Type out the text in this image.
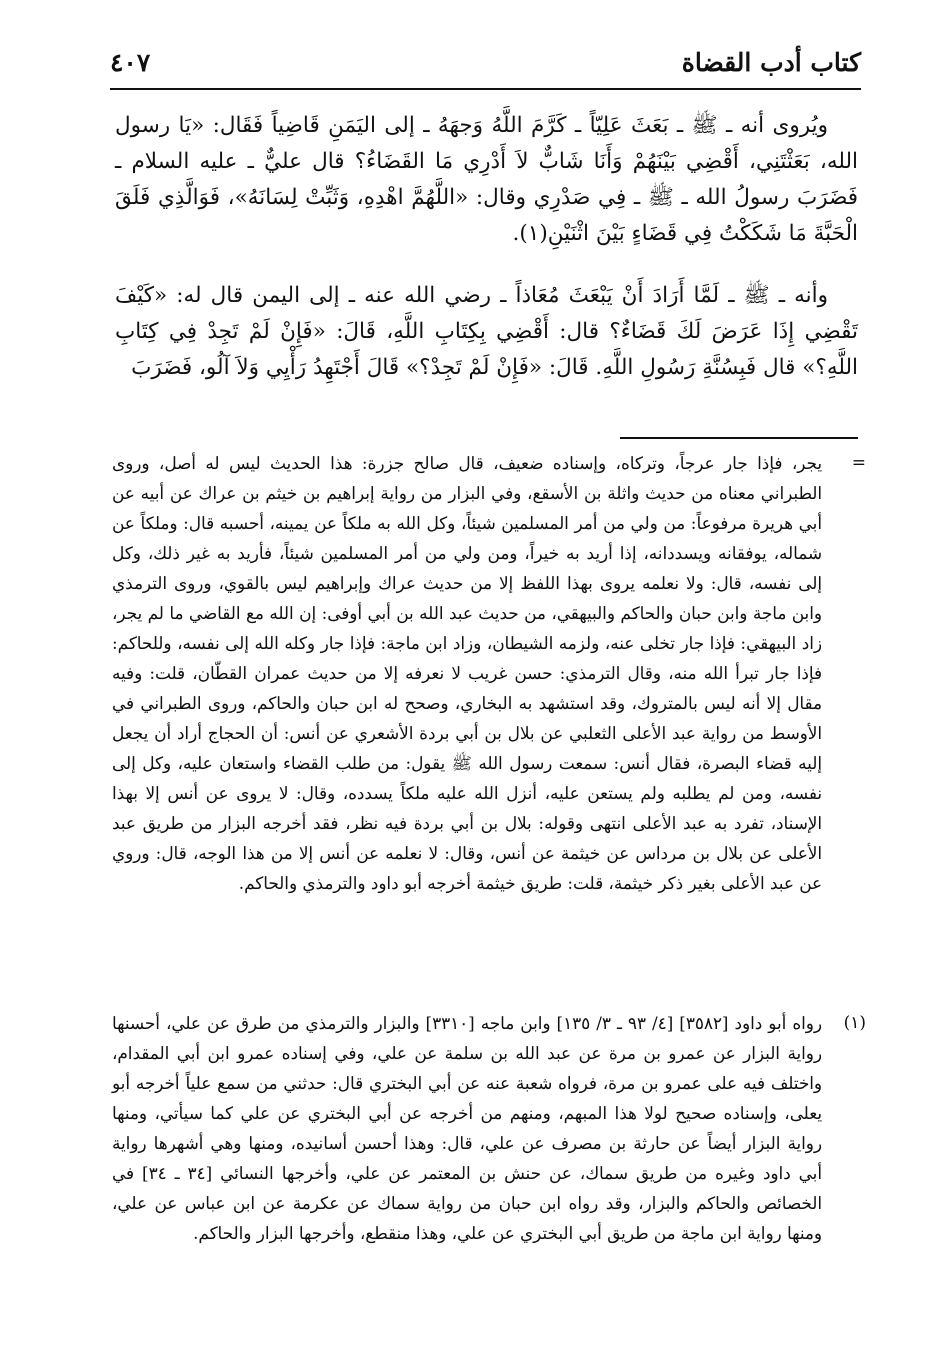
كتاب أدب القضاة
٤٠٧

ويُروى أنه ـ ﷺ ـ بَعَثَ عَلِيّاً ـ كَرَّمَ اللَّهُ وَجهَهُ ـ إلى اليَمَنِ قَاضِياً فَقَال: «يَا رسول الله، بَعَثْتَنِي، أَقْضِي بَيْنَهُمْ وَأَنَا شَابٌّ لاَ أَدْرِي مَا القَضَاءُ؟ قال عليٌّ ـ عليه السلام ـ فَضَرَبَ رسولُ الله ـ ﷺ ـ فِي صَدْرِي وقال: «اللَّهُمَّ اهْدِهِ، وَثَبِّتْ لِسَانَهُ»، فَوَالَّذِي فَلَقَ الْحَبَّةَ مَا شَكَكْتُ فِي قَضَاءٍ بَيْنَ اثْنَيْنِ(١).

وأنه ـ ﷺ ـ لَمَّا أَرَادَ أَنْ يَبْعَثَ مُعَاذاً ـ رضي الله عنه ـ إلى اليمن قال له: «كَيْفَ تَقْضِي إِذَا عَرَضَ لَكَ قَضَاءٌ؟ قال: أَقْضِي بِكِتَابِ اللَّهِ، قَالَ: «فَإِنْ لَمْ تَجِدْ فِي كِتَابِ اللَّهِ؟» قال فَبِسُنَّةِ رَسُولِ اللَّهِ. قَالَ: «فَإِنْ لَمْ تَجِدْ؟» قَالَ أَجْتَهِدُ رَأْيِي وَلاَ آلُو، فَضَرَبَ

=
يجر، فإذا جار عرجاً، وتركاه، وإسناده ضعيف، قال صالح جزرة: هذا الحديث ليس له أصل، وروى الطبراني معناه من حديث واثلة بن الأسقع، وفي البزار من رواية إبراهيم بن خيثم بن عراك عن أبيه عن أبي هريرة مرفوعاً: من ولي من أمر المسلمين شيئاً، وكل الله به ملكاً عن يمينه، أحسبه قال: وملكاً عن شماله، يوفقانه ويسددانه، إذا أريد به خيراً، ومن ولي من أمر المسلمين شيئاً، فأريد به غير ذلك، وكل إلى نفسه، قال: ولا نعلمه يروى بهذا اللفظ إلا من حديث عراك وإبراهيم ليس بالقوي، وروى الترمذي وابن ماجة وابن حبان والحاكم والبيهقي، من حديث عبد الله بن أبي أوفى: إن الله مع القاضي ما لم يجر، زاد البيهقي: فإذا جار تخلى عنه، ولزمه الشيطان، وزاد ابن ماجة: فإذا جار وكله الله إلى نفسه، وللحاكم: فإذا جار تبرأ الله منه، وقال الترمذي: حسن غريب لا نعرفه إلا من حديث عمران القطّان، قلت: وفيه مقال إلا أنه ليس بالمتروك، وقد استشهد به البخاري، وصحح له ابن حبان والحاكم، وروى الطبراني في الأوسط من رواية عبد الأعلى الثعلبي عن بلال بن أبي بردة الأشعري عن أنس: أن الحجاج أراد أن يجعل إليه قضاء البصرة، فقال أنس: سمعت رسول الله ﷺ يقول: من طلب القضاء واستعان عليه، وكل إلى نفسه، ومن لم يطلبه ولم يستعن عليه، أنزل الله عليه ملكاً يسدده، وقال: لا يروى عن أنس إلا بهذا الإسناد، تفرد به عبد الأعلى انتهى وقوله: بلال بن أبي بردة فيه نظر، فقد أخرجه البزار من طريق عبد الأعلى عن بلال بن مرداس عن خيثمة عن أنس، وقال: لا نعلمه عن أنس إلا من هذا الوجه، قال: وروي عن عبد الأعلى بغير ذكر خيثمة، قلت: طريق خيثمة أخرجه أبو داود والترمذي والحاكم.
(١)
رواه أبو داود [٣٥٨٢] [٤/ ٩٣ ـ ٣/ ١٣٥] وابن ماجه [٣٣١٠] والبزار والترمذي من طرق عن علي، أحسنها رواية البزار عن عمرو بن مرة عن عبد الله بن سلمة عن علي، وفي إسناده عمرو ابن أبي المقدام، واختلف فيه على عمرو بن مرة، فرواه شعبة عنه عن أبي البختري قال: حدثني من سمع علياً أخرجه أبو يعلى، وإسناده صحيح لولا هذا المبهم، ومنهم من أخرجه عن أبي البختري عن علي كما سيأتي، ومنها رواية البزار أيضاً عن حارثة بن مصرف عن علي، قال: وهذا أحسن أسانيده، ومنها وهي أشهرها رواية أبي داود وغيره من طريق سماك، عن حنش بن المعتمر عن علي، وأخرجها النسائي [٣٤ ـ ٣٤] في الخصائص والحاكم والبزار، وقد رواه ابن حبان من رواية سماك عن عكرمة عن ابن عباس عن علي، ومنها رواية ابن ماجة من طريق أبي البختري عن علي، وهذا منقطع، وأخرجها البزار والحاكم.
